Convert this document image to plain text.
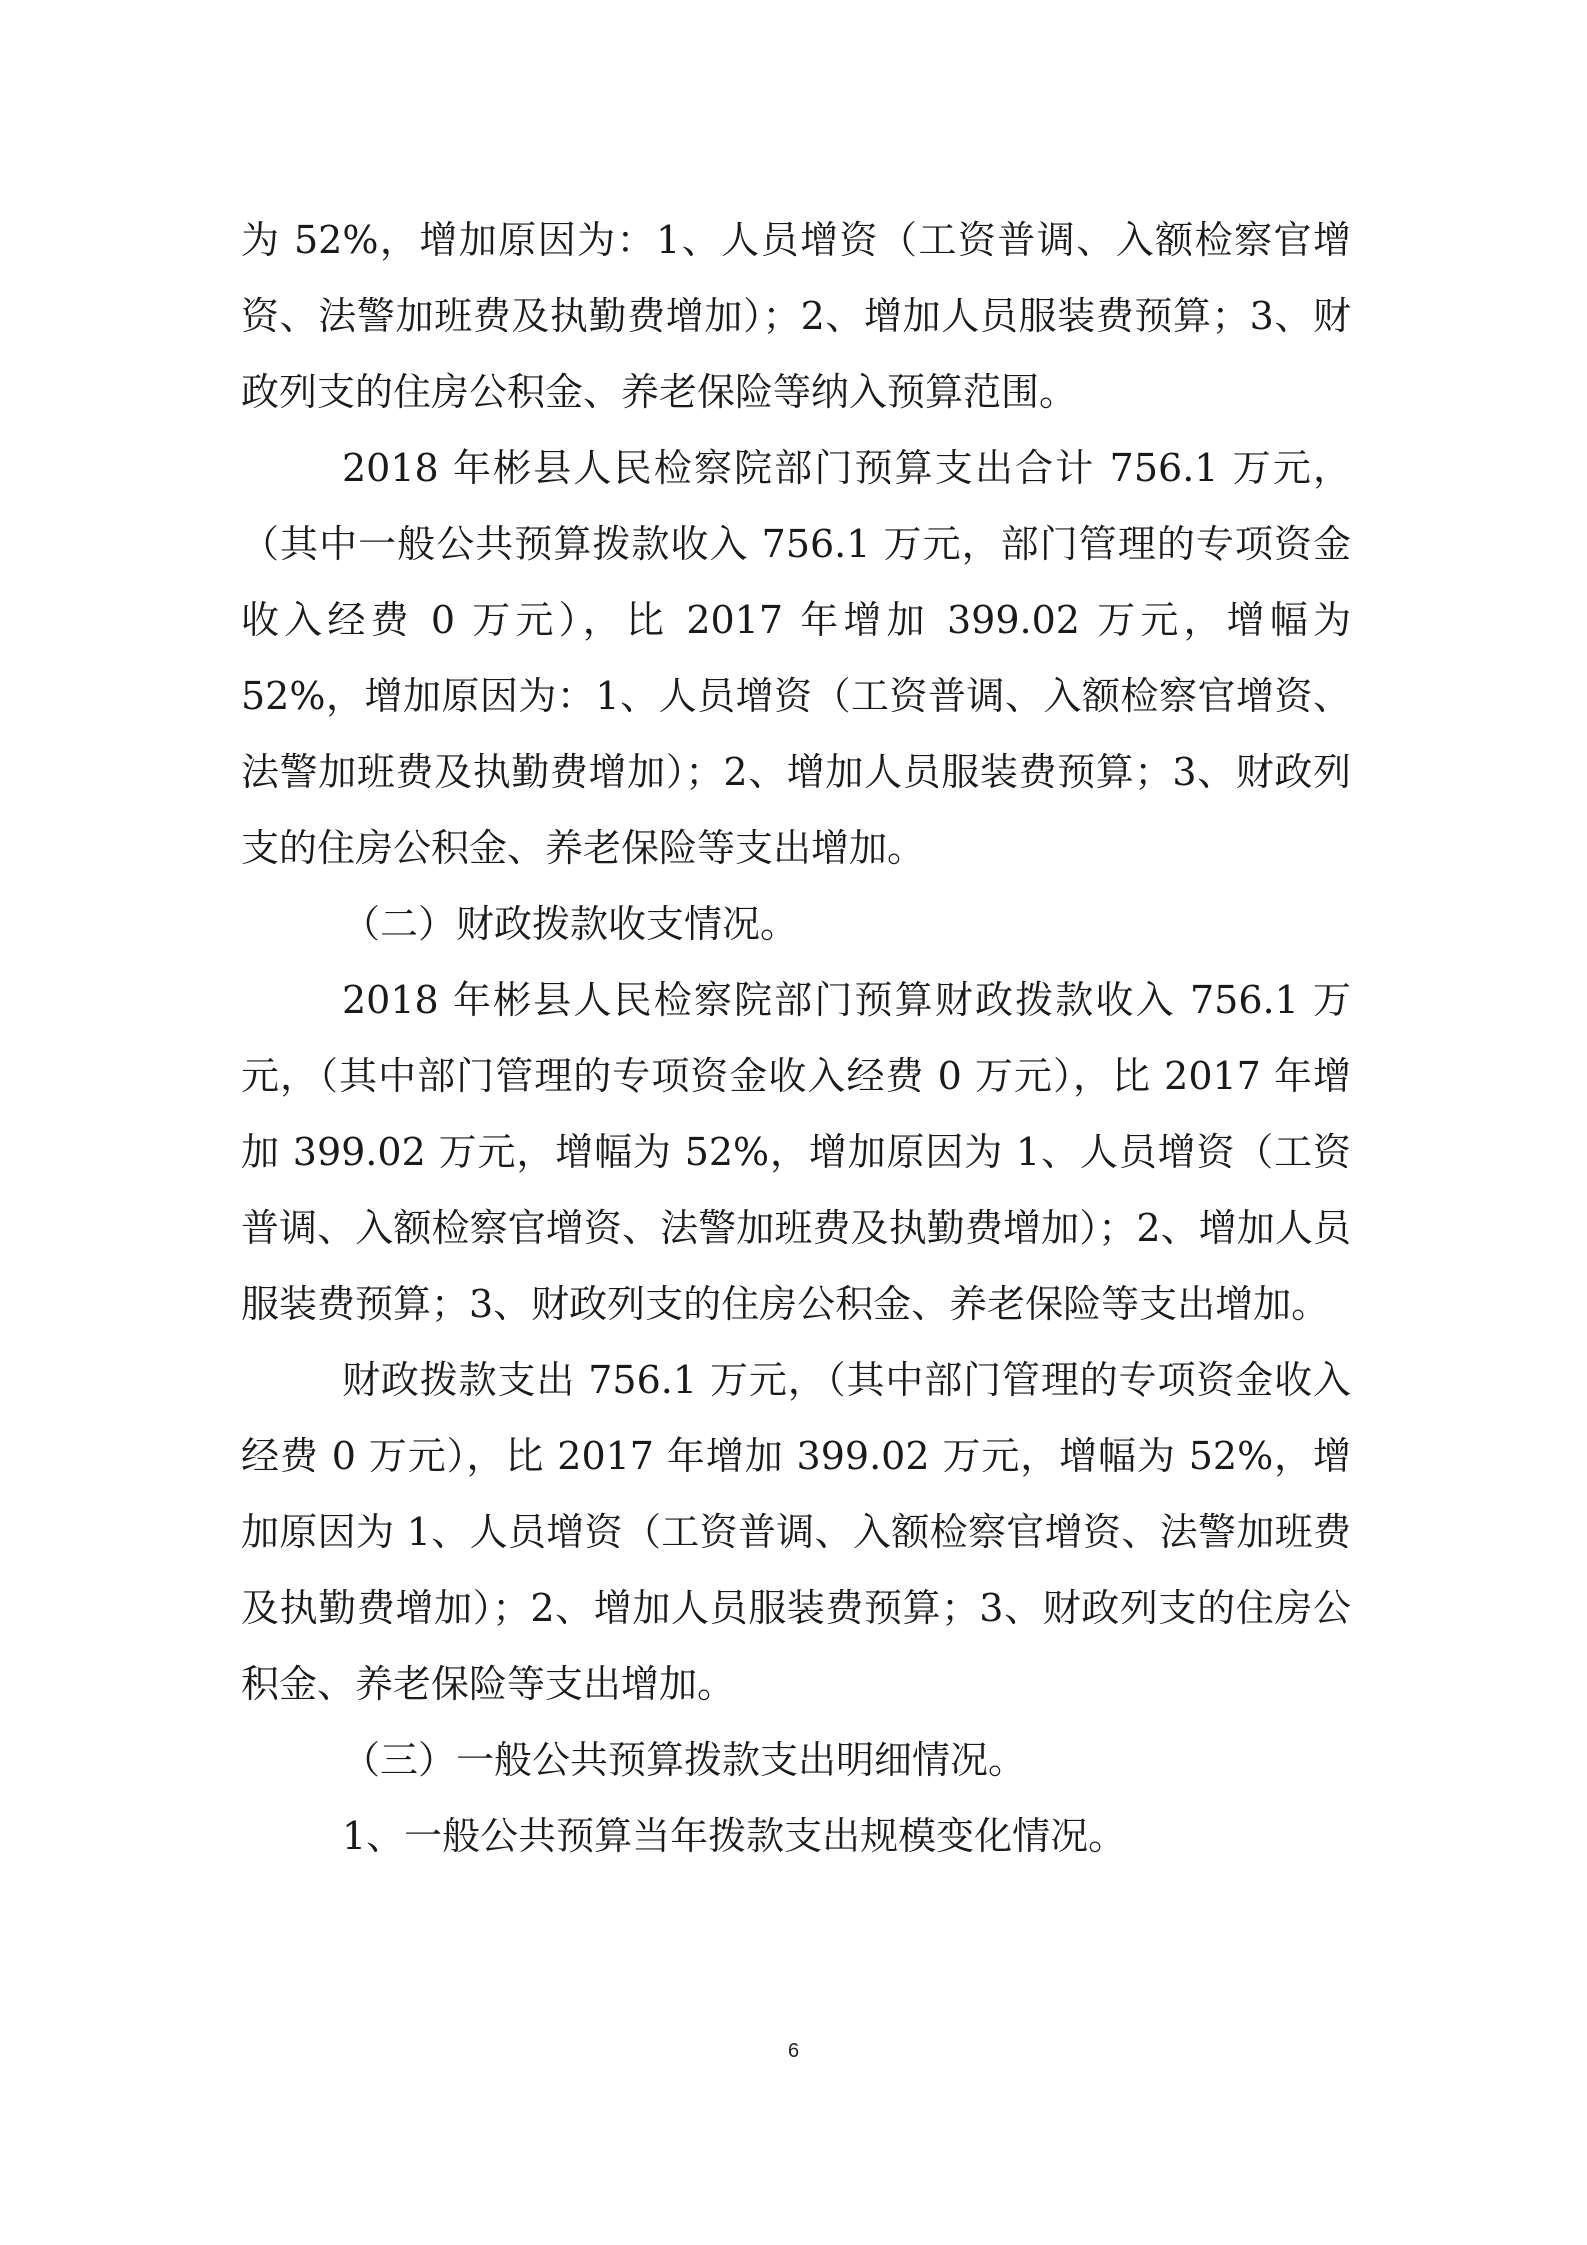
为 52%，增加原因为：1、人员增资（工资普调、入额检察官增资、法警加班费及执勤费增加）；2、增加人员服装费预算；3、财政列支的住房公积金、养老保险等纳入预算范围。

2018 年彬县人民检察院部门预算支出合计 756.1 万元，（其中一般公共预算拨款收入 756.1 万元，部门管理的专项资金收入经费 0 万元），比 2017 年增加 399.02 万元，增幅为 52%，增加原因为：1、人员增资（工资普调、入额检察官增资、法警加班费及执勤费增加）；2、增加人员服装费预算；3、财政列支的住房公积金、养老保险等支出增加。

（二）财政拨款收支情况。

2018 年彬县人民检察院部门预算财政拨款收入 756.1 万元，（其中部门管理的专项资金收入经费 0 万元），比 2017 年增加 399.02 万元，增幅为 52%，增加原因为 1、人员增资（工资普调、入额检察官增资、法警加班费及执勤费增加）；2、增加人员服装费预算；3、财政列支的住房公积金、养老保险等支出增加。

财政拨款支出 756.1 万元，（其中部门管理的专项资金收入经费 0 万元），比 2017 年增加 399.02 万元，增幅为 52%，增加原因为 1、人员增资（工资普调、入额检察官增资、法警加班费及执勤费增加）；2、增加人员服装费预算；3、财政列支的住房公积金、养老保险等支出增加。

（三）一般公共预算拨款支出明细情况。

1、一般公共预算当年拨款支出规模变化情况。

6
